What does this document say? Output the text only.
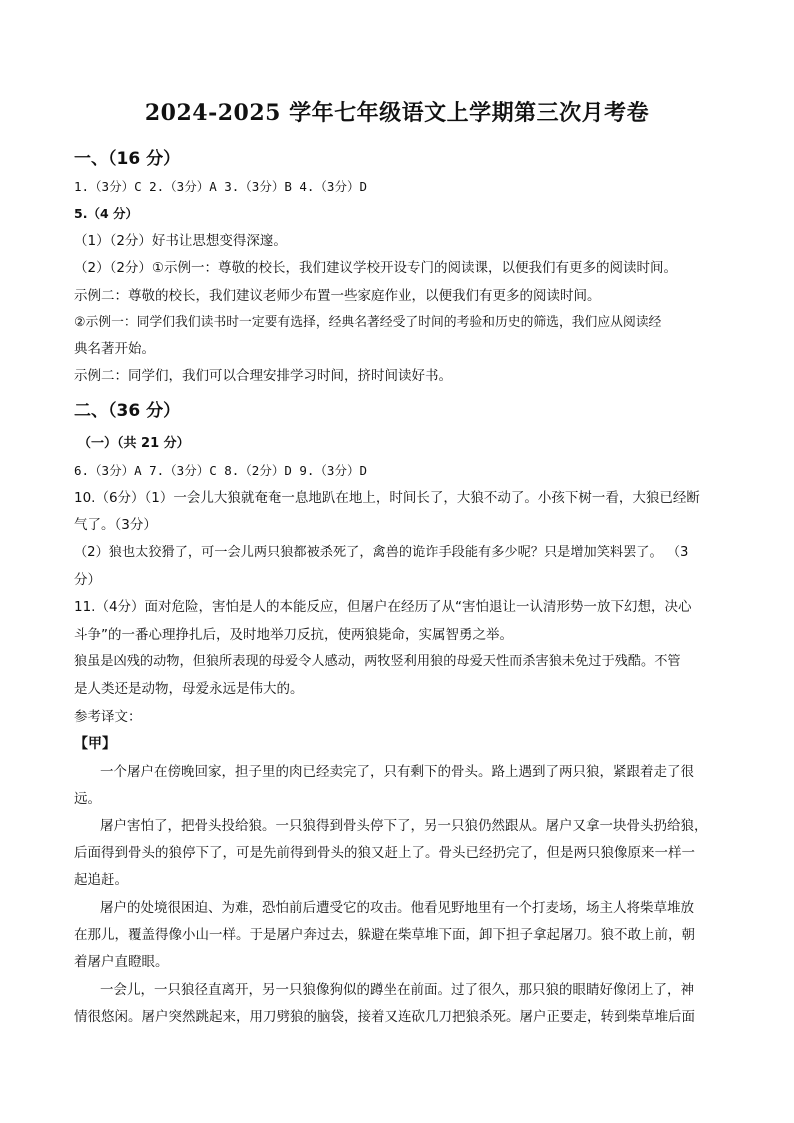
2024-2025 学年七年级语文上学期第三次月考卷
一、（16 分）
1.（3分）C 2.（3分）A 3.（3分）B 4.（3分）D
5.（4 分）
（1）（2分）好书让思想变得深邃。
（2）（2分）①示例一：尊敬的校长，我们建议学校开设专门的阅读课，以便我们有更多的阅读时间。
示例二：尊敬的校长，我们建议老师少布置一些家庭作业，以便我们有更多的阅读时间。
②示例一：同学们我们读书时一定要有选择，经典名著经受了时间的考验和历史的筛选，我们应从阅读经
典名著开始。
示例二：同学们，我们可以合理安排学习时间，挤时间读好书。
二、（36 分）
（一）（共 21 分）
6.（3分）A 7.（3分）C 8.（2分）D 9.（3分）D
10.（6分）（1）一会儿大狼就奄奄一息地趴在地上，时间长了，大狼不动了。小孩下树一看，大狼已经断
气了。（3分）
（2）狼也太狡猾了，可一会儿两只狼都被杀死了，禽兽的诡诈手段能有多少呢？只是增加笑料罢了。 （3
分）
11.（4分）面对危险，害怕是人的本能反应，但屠户在经历了从“害怕退让一认清形势一放下幻想，决心
斗争”的一番心理挣扎后，及时地举刀反抗，使两狼毙命，实属智勇之举。
狼虽是凶残的动物，但狼所表现的母爱令人感动，两牧竖利用狼的母爱天性而杀害狼未免过于残酷。不管
是人类还是动物，母爱永远是伟大的。
参考译文：
【甲】
一个屠户在傍晚回家，担子里的肉已经卖完了，只有剩下的骨头。路上遇到了两只狼，紧跟着走了很
远。
屠户害怕了，把骨头投给狼。一只狼得到骨头停下了，另一只狼仍然跟从。屠户又拿一块骨头扔给狼，
后面得到骨头的狼停下了，可是先前得到骨头的狼又赶上了。骨头已经扔完了，但是两只狼像原来一样一
起追赶。
屠户的处境很困迫、为难，恐怕前后遭受它的攻击。他看见野地里有一个打麦场，场主人将柴草堆放
在那儿，覆盖得像小山一样。于是屠户奔过去，躲避在柴草堆下面，卸下担子拿起屠刀。狼不敢上前，朝
着屠户直瞪眼。
一会儿，一只狼径直离开，另一只狼像狗似的蹲坐在前面。过了很久，那只狼的眼睛好像闭上了，神
情很悠闲。屠户突然跳起来，用刀劈狼的脑袋，接着又连砍几刀把狼杀死。屠户正要走，转到柴草堆后面
